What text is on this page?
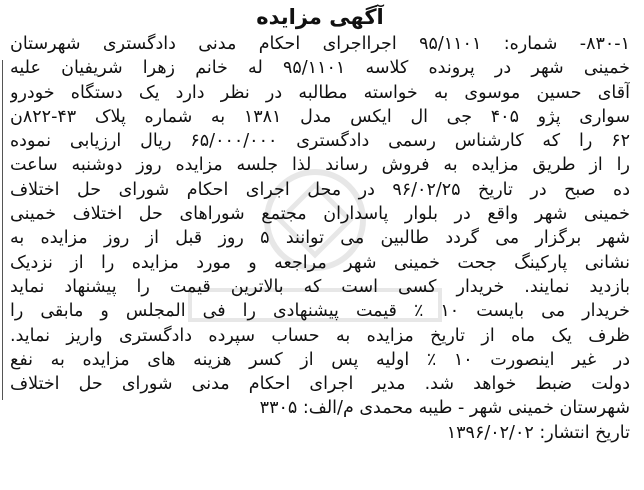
آگهی مزایده
۸۳۰-۱- شماره: ۹۵/۱۱۰۱ اجرااجرای احکام مدنی دادگستری شهرستان
خمینی شهر در پرونده کلاسه ۹۵/۱۱۰۱ له خانم زهرا شریفیان علیه
آقای حسین موسوی به خواسته مطالبه در نظر دارد یک دستگاه خودرو
سواری پژو ۴۰۵ جی ال ایکس مدل ۱۳۸۱ به شماره پلاک ۴۳-۸۲۲ن
۶۲ را که کارشناس رسمی دادگستری ۶۵/۰۰۰/۰۰۰ ریال ارزیابی نموده
را از طریق مزایده به فروش رساند لذا جلسه مزایده روز دوشنبه ساعت
ده صبح در تاریخ ۹۶/۰۲/۲۵ در محل اجرای احکام شورای حل اختلاف
خمینی شهر واقع در بلوار پاسداران مجتمع شوراهای حل اختلاف خمینی
شهر برگزار می گردد طالبین می توانند ۵ روز قبل از روز مزایده به
نشانی پارکینگ جحت خمینی شهر مراجعه و مورد مزایده را از نزدیک
بازدید نمایند. خریدار کسی است که بالاترین قیمت را پیشنهاد نماید
خریدار می بایست ۱۰ ٪ قیمت پیشنهادی را فی المجلس و مابقی را
ظرف یک ماه از تاریخ مزایده به حساب سپرده دادگستری واریز نماید.
در غیر اینصورت ۱۰ ٪ اولیه پس از کسر هزینه های مزایده به نفع
دولت ضبط خواهد شد. مدیر اجرای احکام مدنی شورای حل اختلاف
شهرستان خمینی شهر - طیبه محمدی م/الف: ۳۳۰۵
تاریخ انتشار: ۱۳۹۶/۰۲/۰۲
